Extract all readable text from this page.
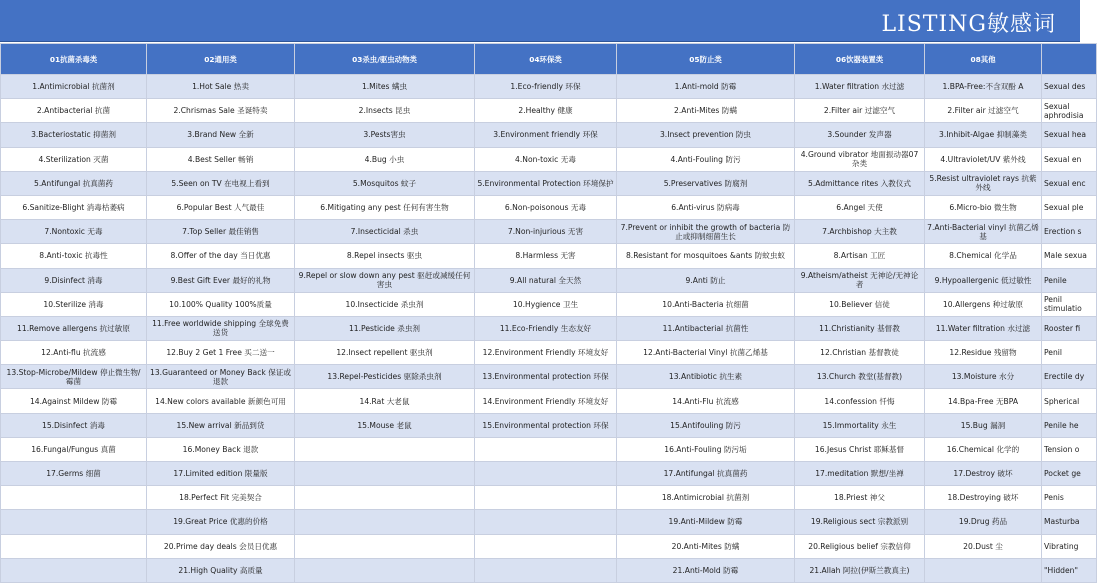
LISTING敏感词
01抗菌杀毒类	02通用类	03杀虫/驱虫动物类	04环保类	05防止类	06饮器装置类	08其他	

1.Antimicrobial 抗菌剂	1.Hot Sale 热卖	1.Mites 螨虫	1.Eco-friendly 环保	1.Anti-mold 防霉	1.Water filtration 水过滤	1.BPA-Free:不含双酚 A	Sexual des

2.Antibacterial 抗菌	2.Chrismas Sale 圣诞特卖	2.Insects 昆虫	2.Healthy 健康	2.Anti-Mites 防螨	2.Filter air 过滤空气	2.Filter air 过滤空气	Sexual aphrodisia

3.Bacteriostatic 抑菌剂	3.Brand New 全新	3.Pests害虫	3.Environment friendly 环保	3.Insect prevention 防虫	3.Sounder 发声器	3.Inhibit-Algae 抑制藻类	Sexual hea

4.Sterilization 灭菌	4.Best Seller 畅销	4.Bug 小虫	4.Non-toxic 无毒	4.Anti-Fouling 防污	4.Ground vibrator 地面振动器07杂类	4.Ultraviolet/UV 紫外线	Sexual en

5.Antifungal 抗真菌药	5.Seen on TV 在电视上看到	5.Mosquitos 蚊子	5.Environmental Protection 环境保护	5.Preservatives 防腐剂	5.Admittance rites 入教仪式	5.Resist ultraviolet rays 抗紫外线	Sexual enc

6.Sanitize-Blight 消毒枯萎病	6.Popular Best 人气最佳	6.Mitigating any pest 任何有害生物	6.Non-poisonous 无毒	6.Anti-virus 防病毒	6.Angel 天使	6.Micro-bio 微生物	Sexual ple

7.Nontoxic 无毒	7.Top Seller 最佳销售	7.Insecticidal 杀虫	7.Non-injurious 无害	7.Prevent or inhibit the growth of bacteria 防止或抑制细菌生长	7.Archbishop 大主教	7.Anti-Bacterial vinyl 抗菌乙烯基	Erection s

8.Anti-toxic 抗毒性	8.Offer of the day 当日优惠	8.Repel insects 驱虫	8.Harmless 无害	8.Resistant for mosquitoes &ants 防蚊虫蚁	8.Artisan 工匠	8.Chemical 化学品	Male sexua

9.Disinfect 消毒	9.Best Gift Ever 最好的礼物	9.Repel or slow down any pest 驱赶或减缓任何害虫	9.All natural 全天然	9.Anti 防止	9.Atheism/atheist 无神论/无神论者	9.Hypoallergenic 低过敏性	Penile

10.Sterilize 消毒	10.100% Quality 100%质量	10.Insecticide 杀虫剂	10.Hygience 卫生	10.Anti-Bacteria 抗细菌	10.Believer 信徒	10.Allergens 种过敏原	Penil stimulatio

11.Remove allergens 抗过敏原	11.Free worldwide shipping 全球免费送货	11.Pesticide 杀虫剂	11.Eco-Friendly 生态友好	11.Antibacterial 抗菌性	11.Christianity 基督教	11.Water filtration 水过滤	Rooster fi

12.Anti-flu 抗流感	12.Buy 2 Get 1 Free 买二送一	12.Insect repellent 驱虫剂	12.Environment Friendly 环境友好	12.Anti-Bacterial Vinyl 抗菌乙烯基	12.Christian 基督教徒	12.Residue 残留物	Penil

13.Stop-Microbe/Mildew 停止微生物/霉菌	13.Guaranteed or Money Back 保证或退款	13.Repel-Pesticides 驱除杀虫剂	13.Environmental protection 环保	13.Antibiotic 抗生素	13.Church 教堂(基督教)	13.Moisture 水分	Erectile dy

14.Against Mildew 防霉	14.New colors available 新颜色可用	14.Rat 大老鼠	14.Environment Friendly 环境友好	14.Anti-Flu 抗流感	14.confession 忏悔	14.Bpa-Free 无BPA	Spherical

15.Disinfect 消毒	15.New arrival 新品到货	15.Mouse 老鼠	15.Environmental protection 环保	15.Antifouling 防污	15.Immortality 永生	15.Bug 漏洞	Penile he

16.Fungal/Fungus 真菌	16.Money Back 退款			16.Anti-Fouling 防污垢	16.Jesus Christ 耶稣基督	16.Chemical 化学的	Tension o

17.Germs 细菌	17.Limited edition 限量版			17.Antifungal 抗真菌药	17.meditation 默想/坐禅	17.Destroy 破坏	Pocket ge

	18.Perfect Fit 完美契合			18.Antimicrobial 抗菌剂	18.Priest 神父	18.Destroying 破坏	Penis

	19.Great Price 优惠的价格			19.Anti-Mildew 防霉	19.Religious sect 宗教派别	19.Drug 药品	Masturba

	20.Prime day deals 会员日优惠			20.Anti-Mites 防螨	20.Religious belief 宗教信仰	20.Dust 尘	Vibrating

	21.High Quality 高质量			21.Anti-Mold 防霉	21.Allah 阿拉(伊斯兰教真主)		"Hidden"
